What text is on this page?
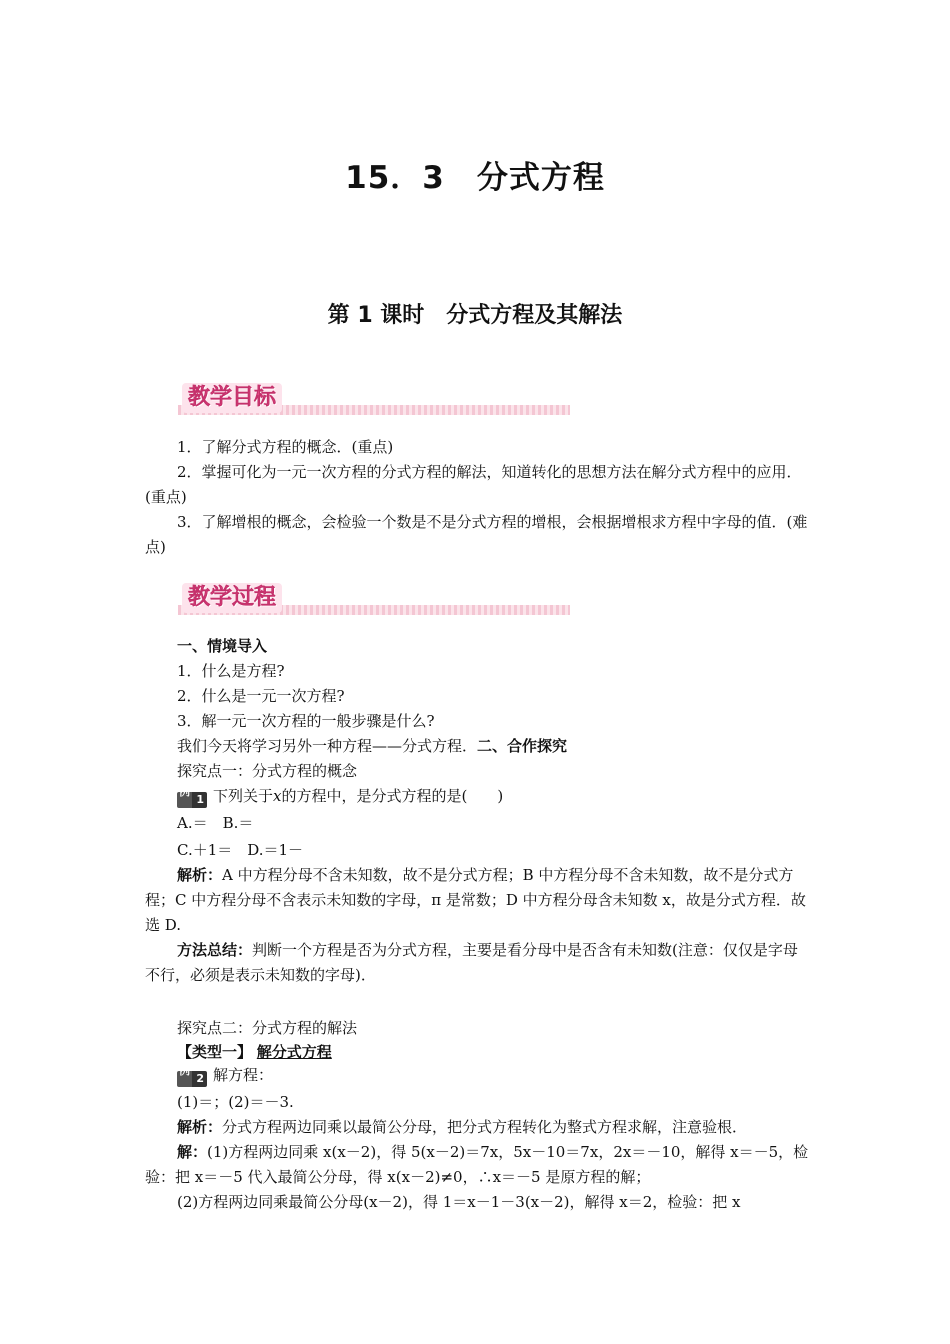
15．3　分式方程
第 1 课时　分式方程及其解法
教学目标

1．了解分式方程的概念．(重点)

2．掌握可化为一元一次方程的分式方程的解法，知道转化的思想方法在解分式方程中的应用．(重点)

3．了解增根的概念，会检验一个数是不是分式方程的增根，会根据增根求方程中字母的值．(难点)

教学过程

一、情境导入

1．什么是方程?

2．什么是一元一次方程?

3．解一元一次方程的一般步骤是什么?

我们今天将学习另外一种方程——分式方程．二、合作探究

探究点一：分式方程的概念

1
例 下列关于x的方程中，是分式方程的是(　　)

A.＝　B.＝

C.＋1＝　D.＝1－

解析：A 中方程分母不含未知数，故不是分式方程；B 中方程分母不含未知数，故不是分式方程；C 中方程分母不含表示未知数的字母，π 是常数；D 中方程分母含未知数 x，故是分式方程．故选 D.

方法总结：判断一个方程是否为分式方程，主要是看分母中是否含有未知数(注意：仅仅是字母不行，必须是表示未知数的字母)．

探究点二：分式方程的解法

【类型一】 解分式方程

2
例 解方程：

(1)＝；(2)＝－3.

解析：分式方程两边同乘以最简公分母，把分式方程转化为整式方程求解，注意验根．

解：(1)方程两边同乘 x(x－2)，得 5(x－2)＝7x，5x－10＝7x，2x＝－10，解得 x＝－5，检验：把 x＝－5 代入最简公分母，得 x(x－2)≠0，∴x＝－5 是原方程的解；

(2)方程两边同乘最简公分母(x－2)，得 1＝x－1－3(x－2)，解得 x＝2，检验：把 x
